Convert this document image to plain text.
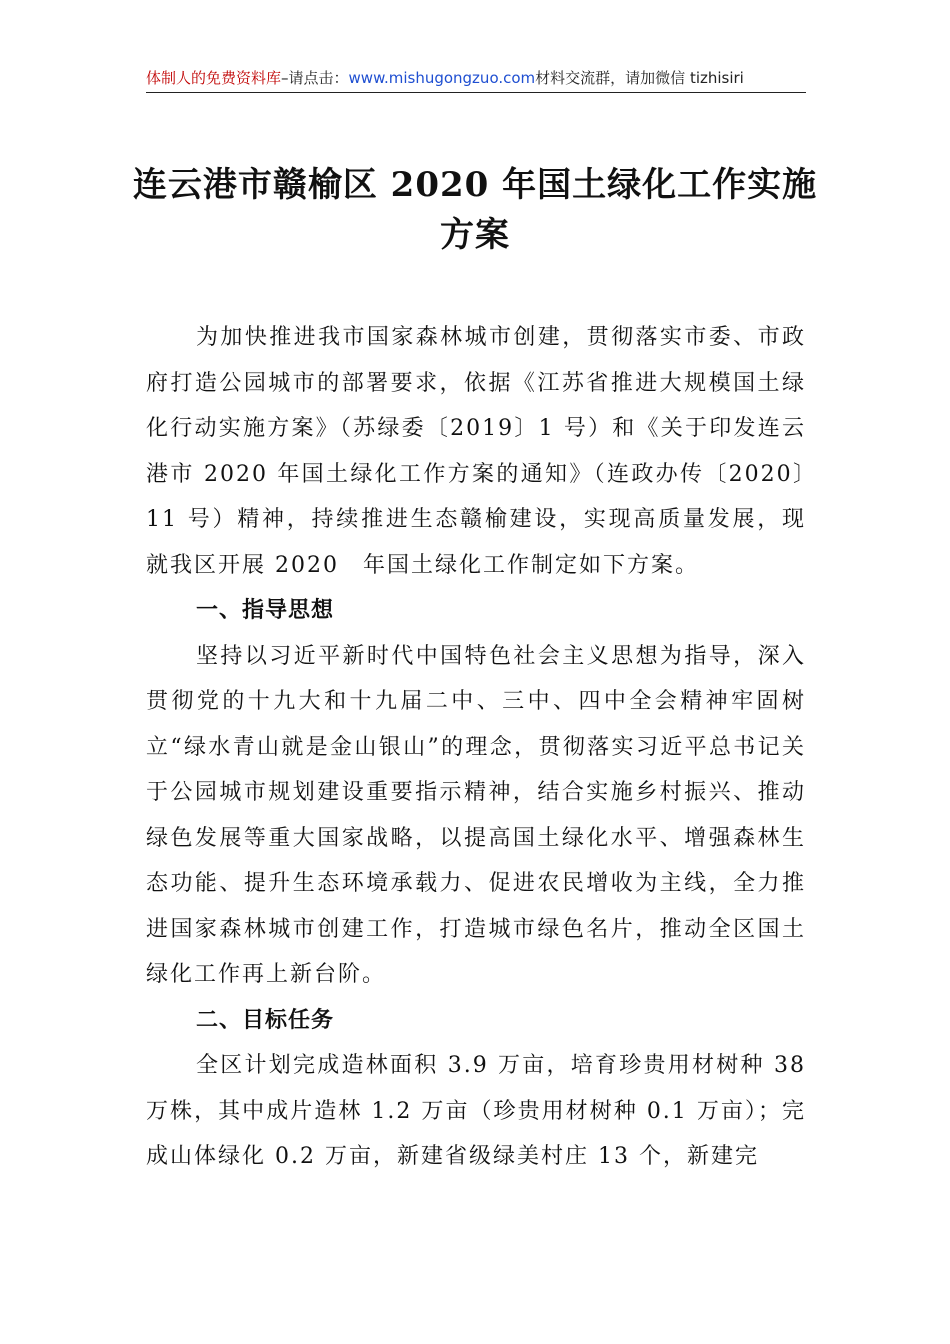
体制人的免费资料库–请点击：www.mishugongzuo.com材料交流群，请加微信 tizhisiri
连云港市赣榆区 2020 年国土绿化工作实施
方案

为加快推进我市国家森林城市创建，贯彻落实市委、市政府打造公园城市的部署要求，依据《江苏省推进大规模国土绿化行动实施方案》（苏绿委〔2019〕1 号）和《关于印发连云港市 2020 年国土绿化工作方案的通知》（连政办传〔2020〕11 号）精神，持续推进生态赣榆建设，实现高质量发展，现就我区开展 2020　年国土绿化工作制定如下方案。

一、指导思想

坚持以习近平新时代中国特色社会主义思想为指导，深入贯彻党的十九大和十九届二中、三中、四中全会精神牢固树立“绿水青山就是金山银山”的理念，贯彻落实习近平总书记关于公园城市规划建设重要指示精神，结合实施乡村振兴、推动绿色发展等重大国家战略，以提高国土绿化水平、增强森林生态功能、提升生态环境承载力、促进农民增收为主线，全力推进国家森林城市创建工作，打造城市绿色名片，推动全区国土绿化工作再上新台阶。

二、目标任务

全区计划完成造林面积 3.9 万亩，培育珍贵用材树种 38 万株，其中成片造林 1.2 万亩（珍贵用材树种 0.1 万亩）；完成山体绿化 0.2 万亩，新建省级绿美村庄 13 个，新建完
